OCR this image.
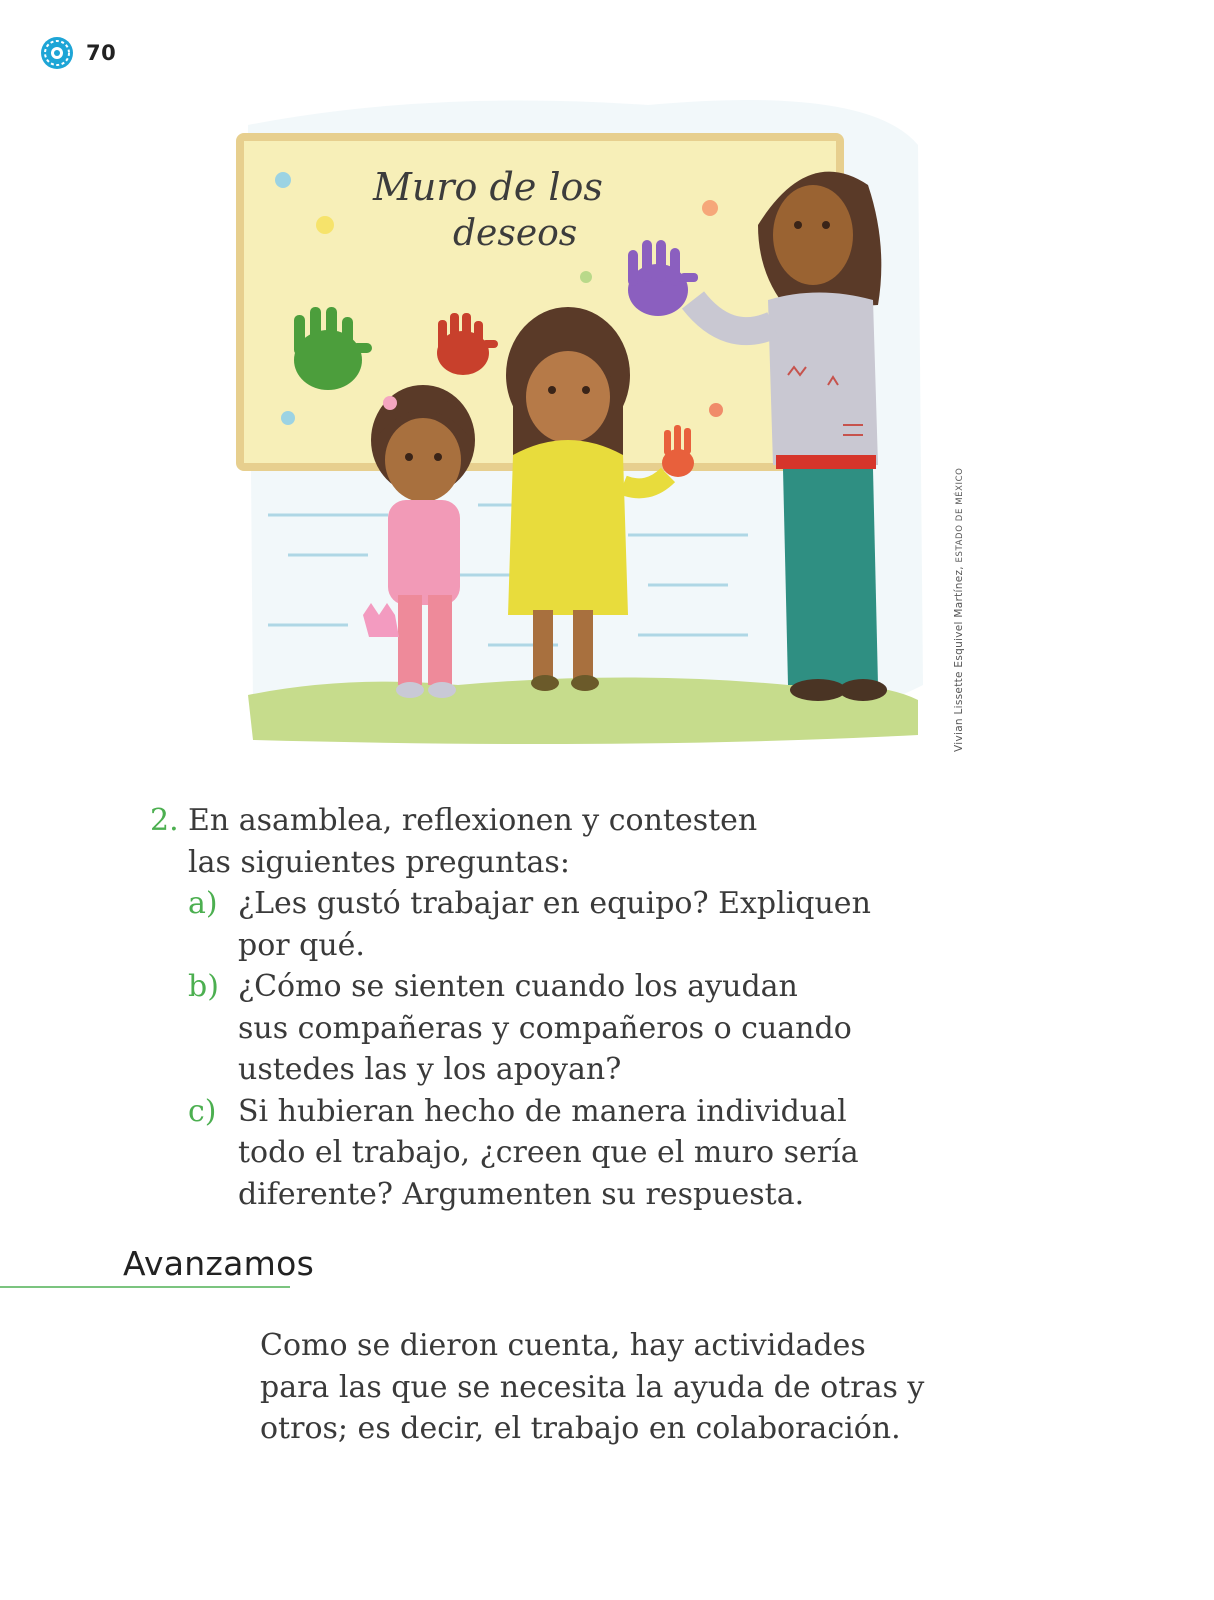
70
Muro de los
deseos
Vivian Lissette Esquivel Martínez, ESTADO DE MÉXICO
2. En asamblea, reflexionen y contesten
las siguientes preguntas:
a) ¿Les gustó trabajar en equipo? Expliquen
por qué.
b) ¿Cómo se sienten cuando los ayudan
sus compañeras y compañeros o cuando
ustedes las y los apoyan?
c) Si hubieran hecho de manera individual
todo el trabajo, ¿creen que el muro sería
diferente? Argumenten su respuesta.
Avanzamos
Como se dieron cuenta, hay actividades
para las que se necesita la ayuda de otras y
otros; es decir, el trabajo en colaboración.
